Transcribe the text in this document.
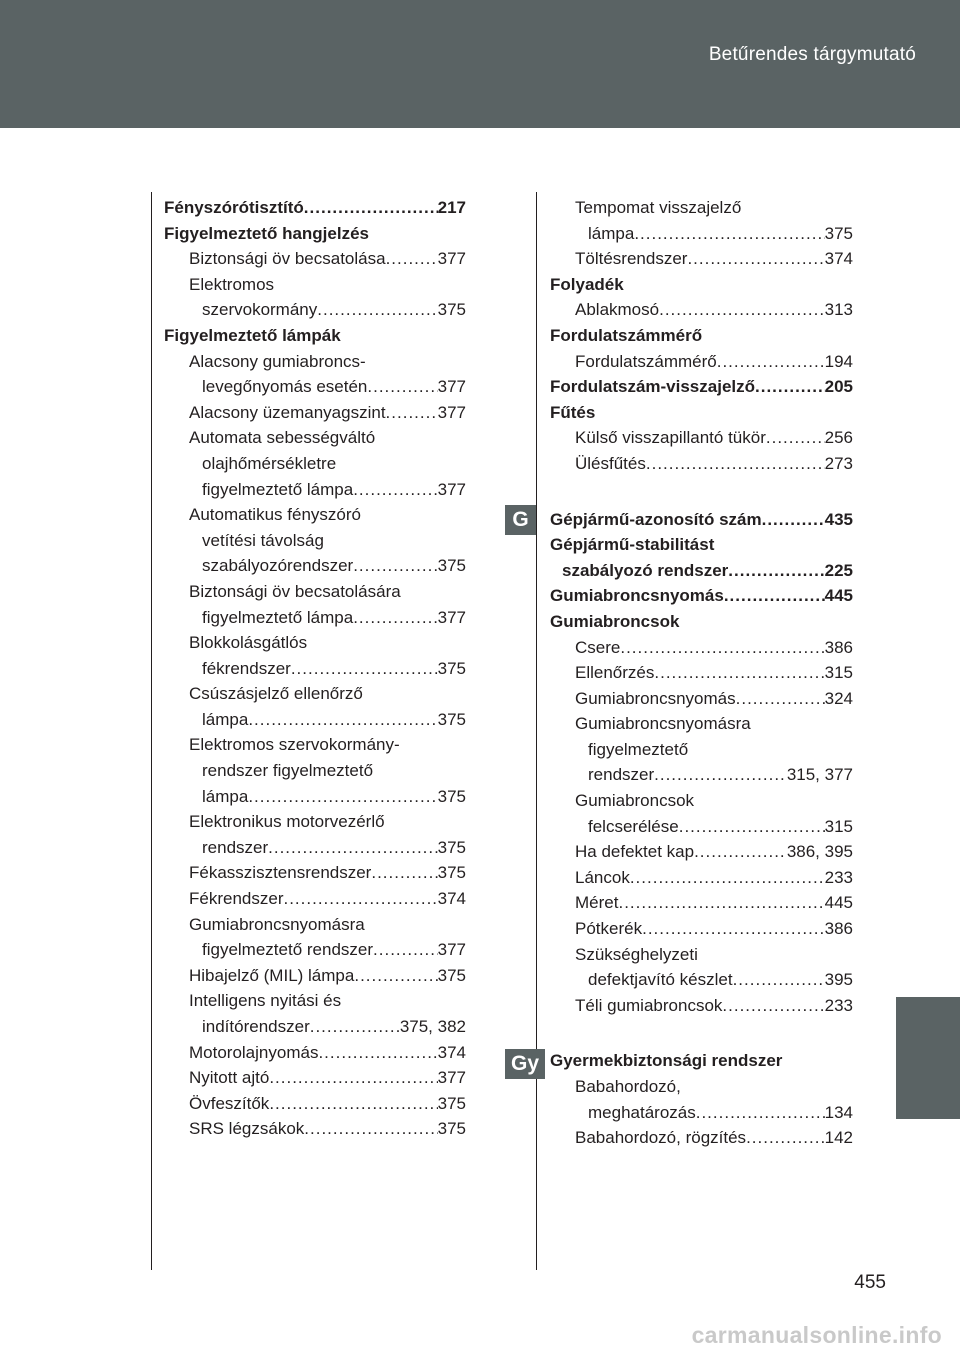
Betűrendes tárgymutató
Fényszórótisztító .....	217
Figyelmeztető hangjelzés
Biztonsági öv becsatolása .....	377
Elektromos
szervokormány .....	375
Figyelmeztető lámpák
Alacsony gumiabroncs-
levegőnyomás esetén .....	377
Alacsony üzemanyagszint .....	377
Automata sebességváltó
olajhőmérsékletre
figyelmeztető lámpa .....	377
Automatikus fényszóró
vetítési távolság
szabályozórendszer .....	375
Biztonsági öv becsatolására
figyelmeztető lámpa .....	377
Blokkolásgátlós
fékrendszer .....	375
Csúszásjelző ellenőrző
lámpa .....	375
Elektromos szervokormány-
rendszer figyelmeztető
lámpa .....	375
Elektronikus motorvezérlő
rendszer .....	375
Fékasszisztensrendszer .....	375
Fékrendszer .....	374
Gumiabroncsnyomásra
figyelmeztető rendszer .....	377
Hibajelző (MIL) lámpa .....	375
Intelligens nyitási és
indítórendszer .....	375, 382
Motorolajnyomás .....	374
Nyitott ajtó .....	377
Övfeszítők .....	375
SRS légzsákok .....	375
Tempomat visszajelző
lámpa .....	375
Töltésrendszer .....	374
Folyadék
Ablakmosó .....	313
Fordulatszámmérő
Fordulatszámmérő .....	194
Fordulatszám-visszajelző .....	205
Fűtés
Külső visszapillantó tükör .....	256
Ülésfűtés .....	273
Gépjármű-azonosító szám .....	435
Gépjármű-stabilitást
szabályozó rendszer .....	225
Gumiabroncsnyomás .....	445
Gumiabroncsok
Csere .....	386
Ellenőrzés .....	315
Gumiabroncsnyomás .....	324
Gumiabroncsnyomásra
figyelmeztető
rendszer .....	315, 377
Gumiabroncsok
felcserélése .....	315
Ha defektet kap .....	386, 395
Láncok .....	233
Méret .....	445
Pótkerék .....	386
Szükséghelyzeti
defektjavító készlet .....	395
Téli gumiabroncsok .....	233
Gyermekbiztonsági rendszer
Babahordozó,
meghatározás .....	134
Babahordozó, rögzítés .....	142
G
Gy
455
carmanualsonline.info
